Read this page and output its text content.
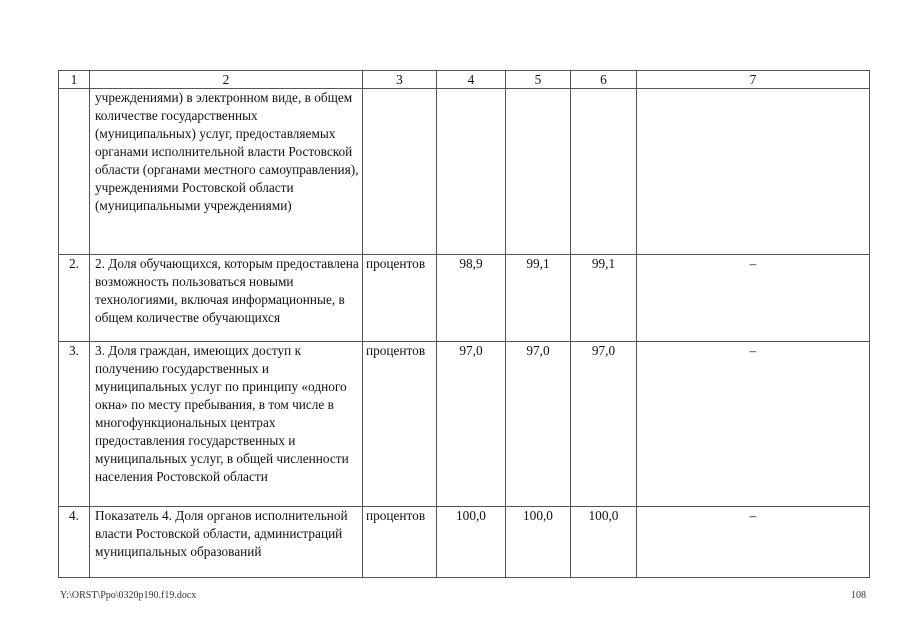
1	2	3	4	5	6	7
	учреждениями) в электронном виде, в общем количестве государственных (муниципальных) услуг, предоставляемых органами исполнительной власти Ростовской области (органами местного самоуправления), учреждениями Ростовской области (муниципальными учреждениями)					
2.	2. Доля обучающихся, которым предоставлена возможность пользоваться новыми технологиями, включая информационные, в общем количестве обучающихся	процентов	98,9	99,1	99,1	–
3.	3. Доля граждан, имеющих доступ к получению государственных и муниципальных услуг по принципу «одного окна» по месту пребывания, в том числе в многофункциональных центрах предоставления государственных и муниципальных услуг, в общей численности населения Ростовской области	процентов	97,0	97,0	97,0	–
4.	Показатель 4. Доля органов исполнительной власти Ростовской области, администраций муниципальных образований	процентов	100,0	100,0	100,0	–
Y:\ORST\Ppo\0320p190.f19.docx	108
